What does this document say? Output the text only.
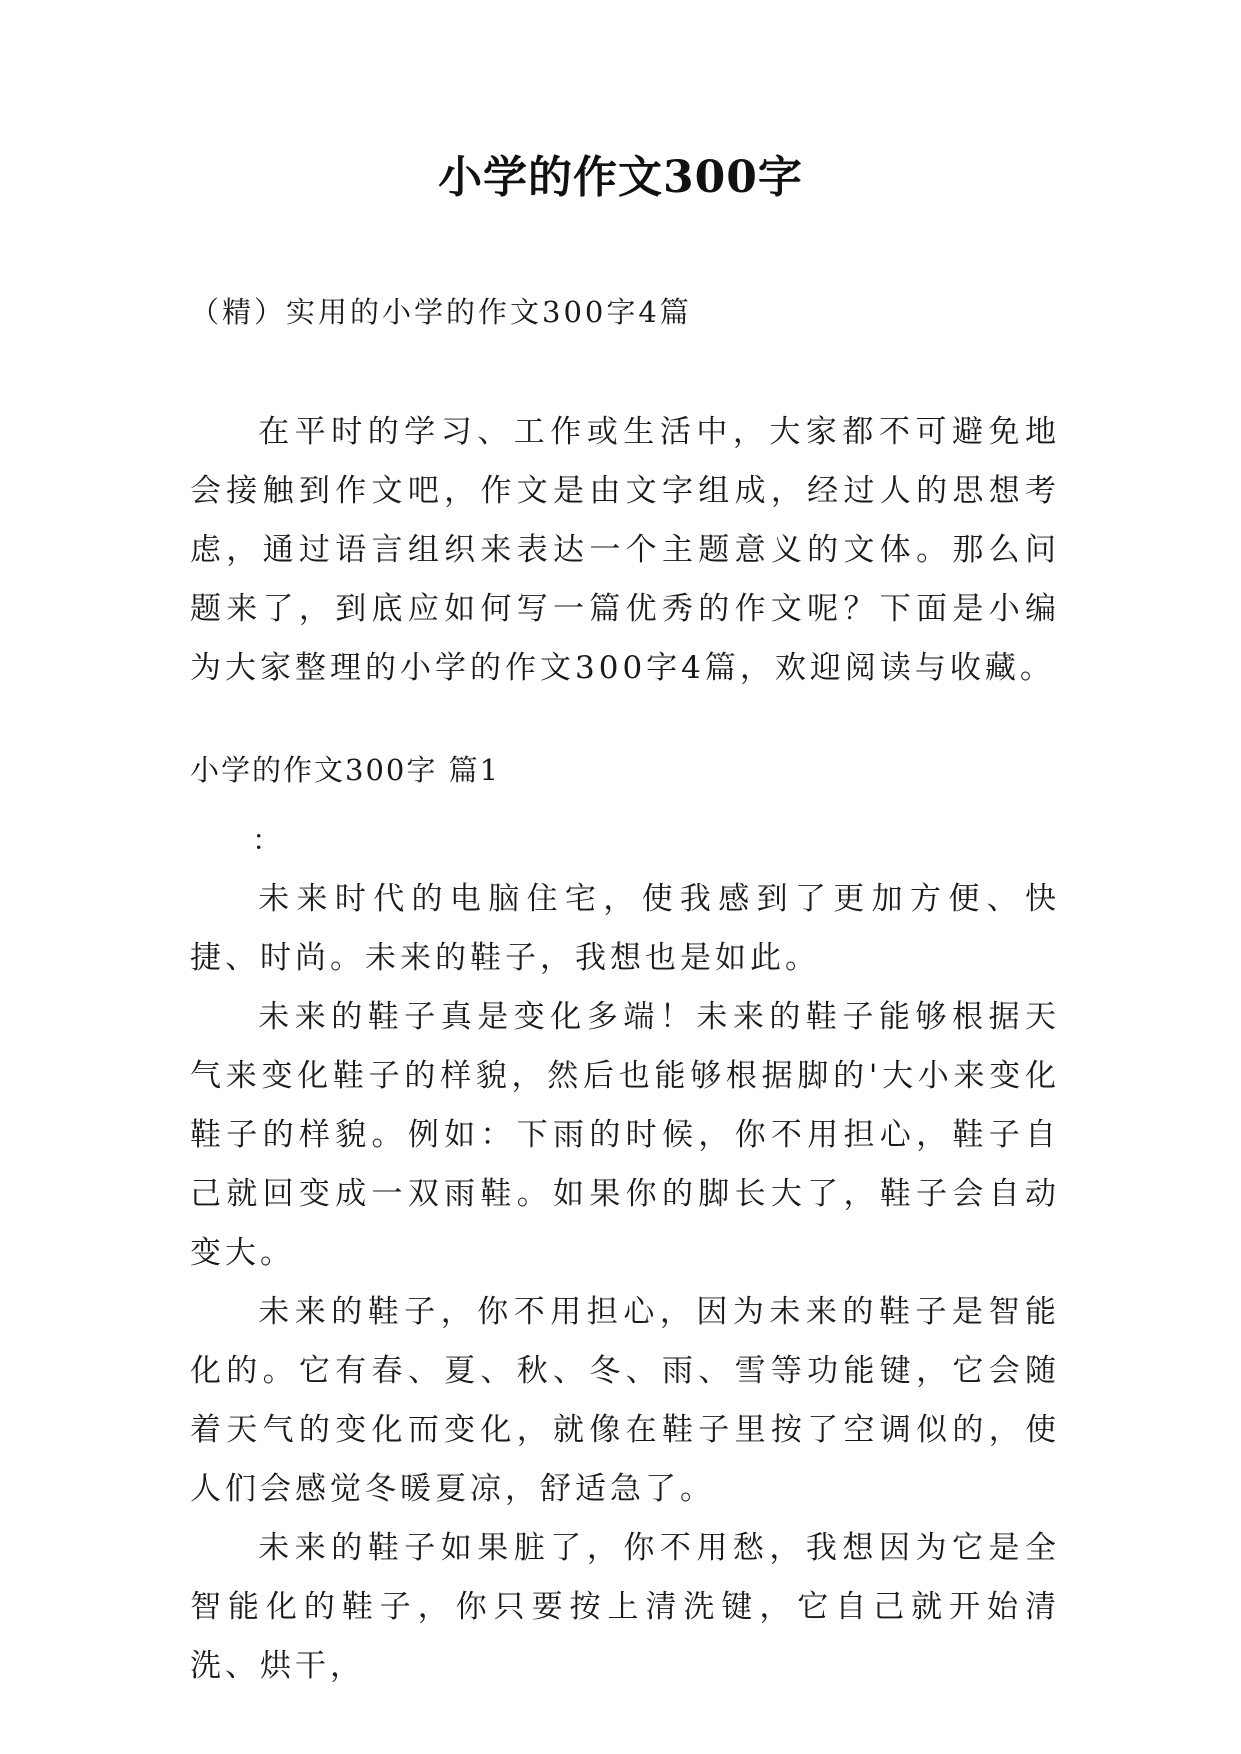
小学的作文300字
（精）实用的小学的作文300字4篇

在平时的学习、工作或生活中，大家都不可避免地会接触到作文吧，作文是由文字组成，经过人的思想考虑，通过语言组织来表达一个主题意义的文体。那么问题来了，到底应如何写一篇优秀的作文呢？下面是小编为大家整理的小学的作文300字4篇，欢迎阅读与收藏。

小学的作文300字 篇1
：

未来时代的电脑住宅，使我感到了更加方便、快捷、时尚。未来的鞋子，我想也是如此。

未来的鞋子真是变化多端！未来的鞋子能够根据天气来变化鞋子的样貌，然后也能够根据脚的'大小来变化鞋子的样貌。例如：下雨的时候，你不用担心，鞋子自己就回变成一双雨鞋。如果你的脚长大了，鞋子会自动变大。

未来的鞋子，你不用担心，因为未来的鞋子是智能化的。它有春、夏、秋、冬、雨、雪等功能键，它会随着天气的变化而变化，就像在鞋子里按了空调似的，使人们会感觉冬暖夏凉，舒适急了。

未来的鞋子如果脏了，你不用愁，我想因为它是全智能化的鞋子，你只要按上清洗键，它自己就开始清洗、烘干，
